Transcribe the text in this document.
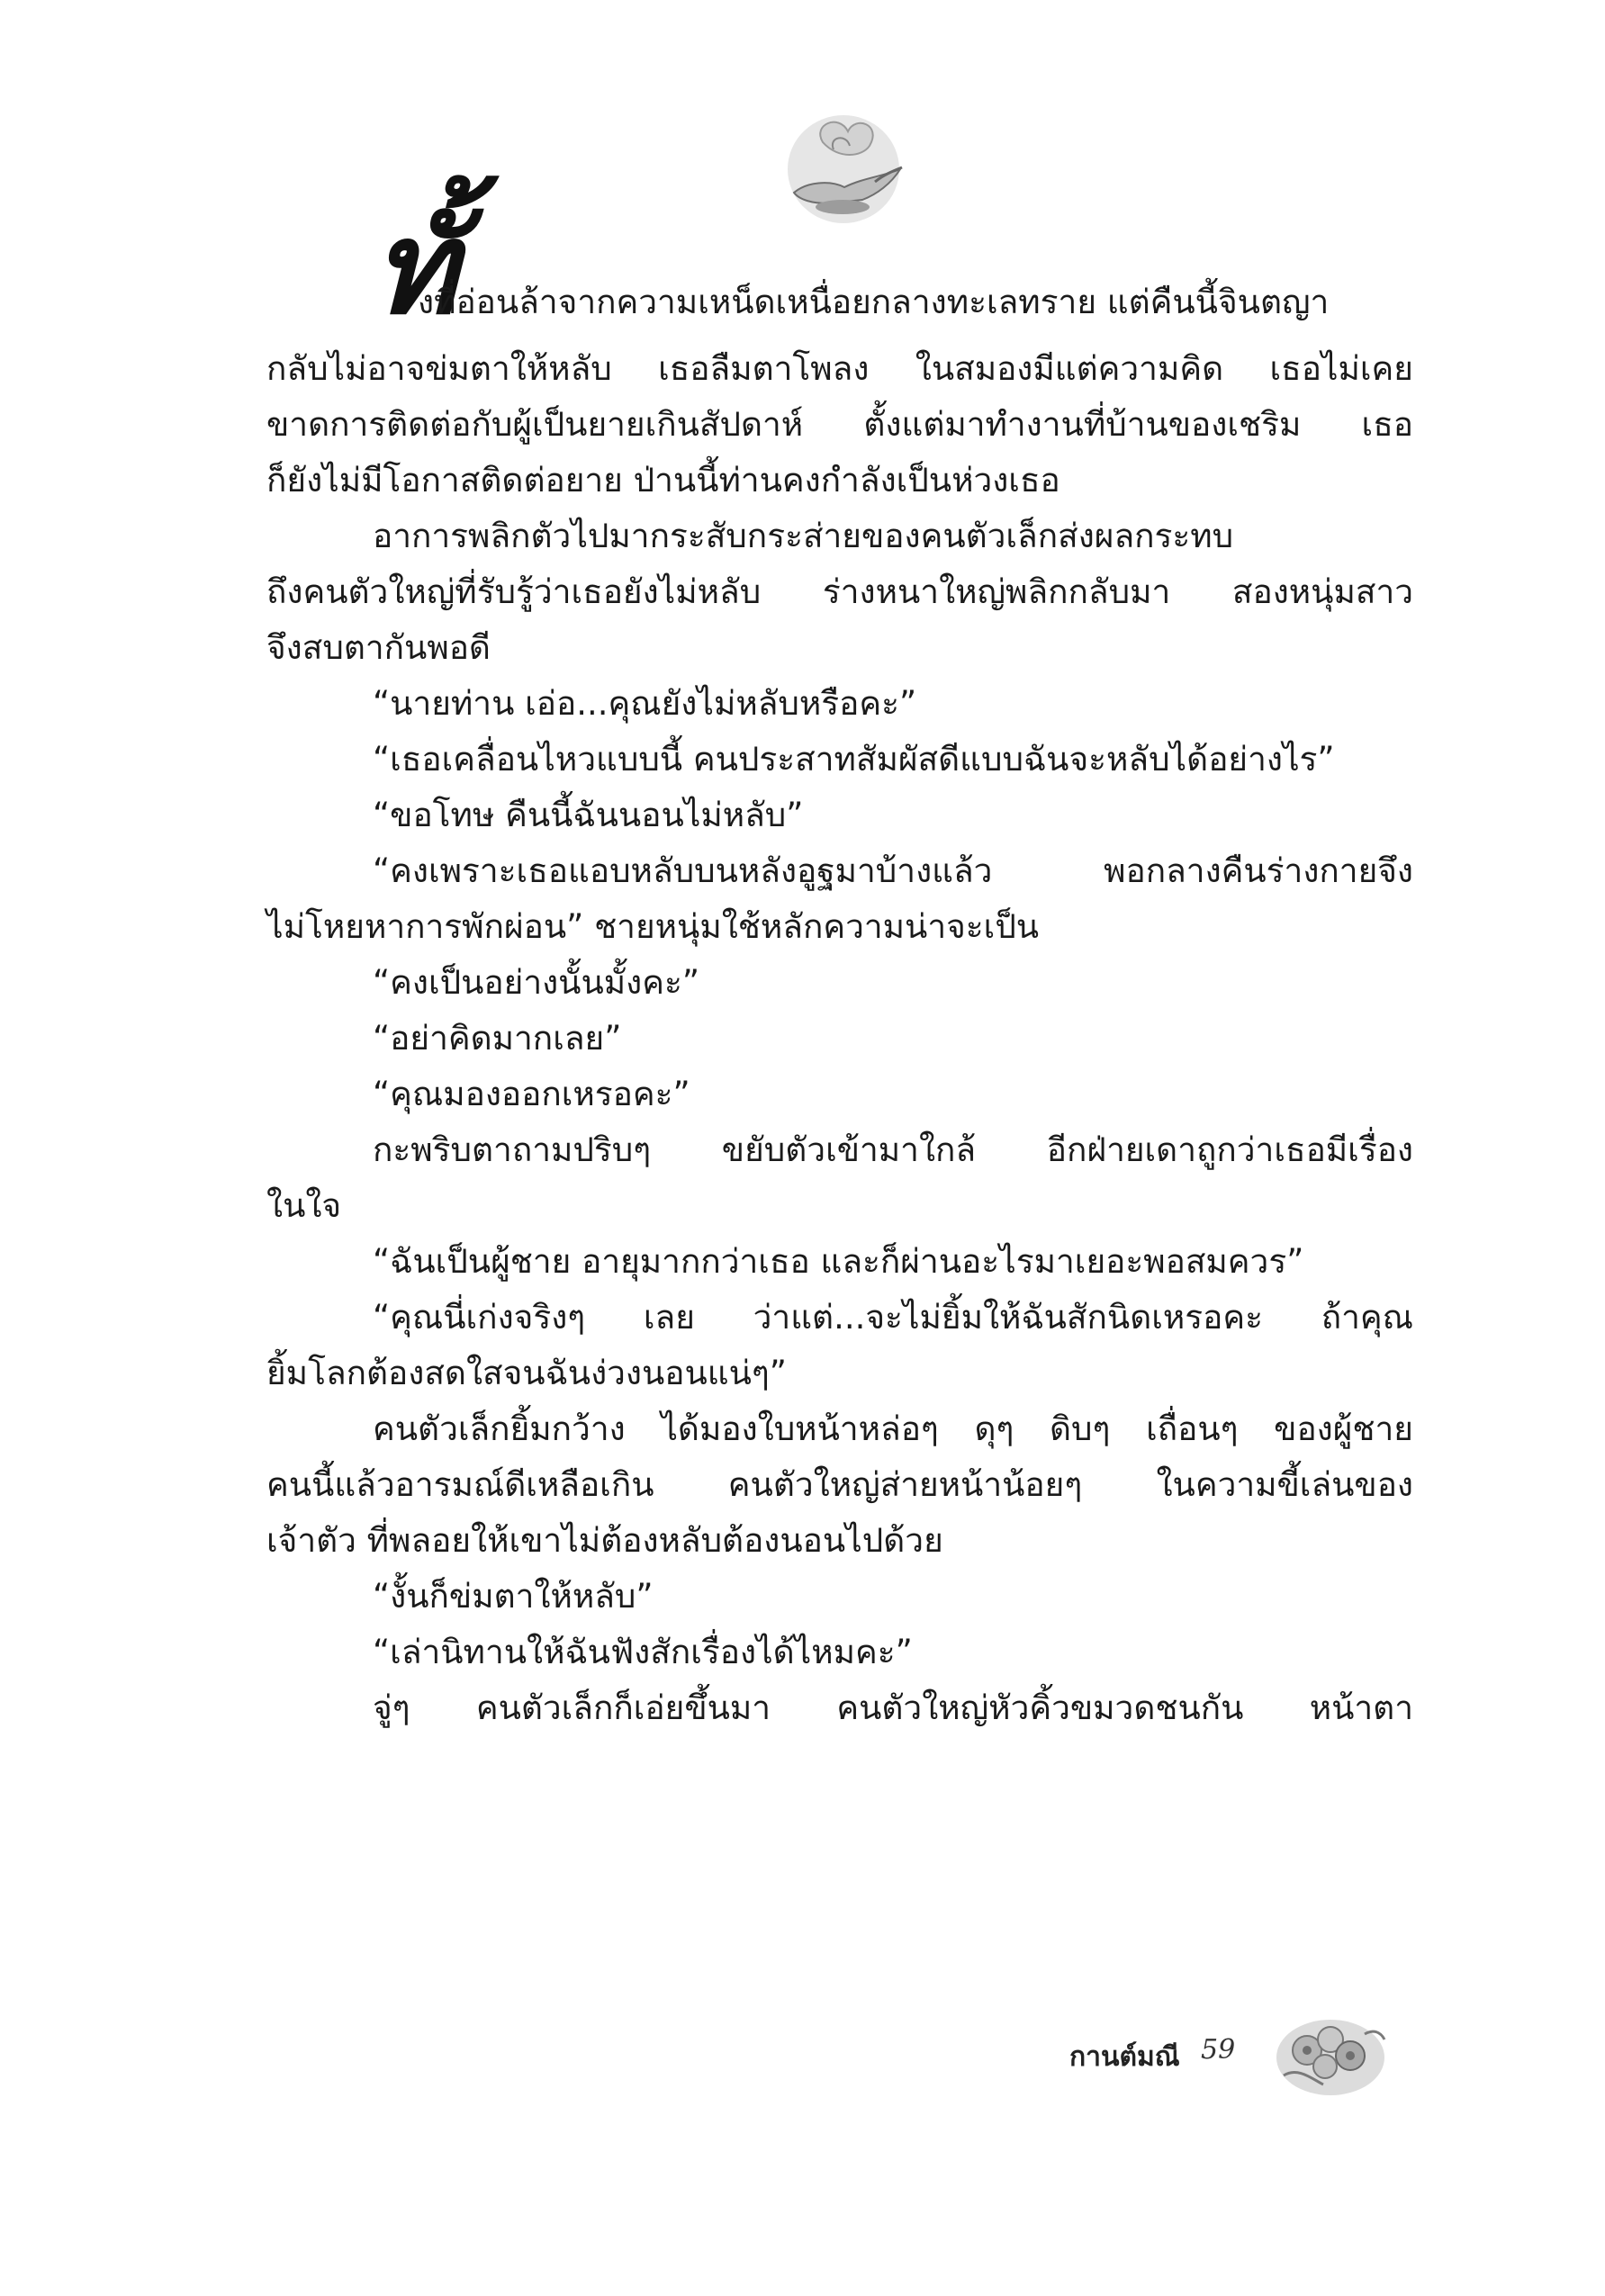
ทั้
งที่อ่อนล้าจากความเหน็ดเหนื่อยกลางทะเลทราย แต่คืนนี้จินตญา
กลับไม่อาจข่มตาให้หลับ เธอลืมตาโพลง ในสมองมีแต่ความคิด เธอไม่เคย
ขาดการติดต่อกับผู้เป็นยายเกินสัปดาห์ ตั้งแต่มาทำงานที่บ้านของเชริม เธอ
ก็ยังไม่มีโอกาสติดต่อยาย ป่านนี้ท่านคงกำลังเป็นห่วงเธอ
อาการพลิกตัวไปมากระสับกระส่ายของคนตัวเล็กส่งผลกระทบ
ถึงคนตัวใหญ่ที่รับรู้ว่าเธอยังไม่หลับ ร่างหนาใหญ่พลิกกลับมา สองหนุ่มสาว
จึงสบตากันพอดี
“นายท่าน เอ่อ...คุณยังไม่หลับหรือคะ”
“เธอเคลื่อนไหวแบบนี้ คนประสาทสัมผัสดีแบบฉันจะหลับได้อย่างไร”
“ขอโทษ คืนนี้ฉันนอนไม่หลับ”
“คงเพราะเธอแอบหลับบนหลังอูฐมาบ้างแล้ว พอกลางคืนร่างกายจึง
ไม่โหยหาการพักผ่อน” ชายหนุ่มใช้หลักความน่าจะเป็น
“คงเป็นอย่างนั้นมั้งคะ”
“อย่าคิดมากเลย”
“คุณมองออกเหรอคะ”
กะพริบตาถามปริบๆ ขยับตัวเข้ามาใกล้ อีกฝ่ายเดาถูกว่าเธอมีเรื่อง
ในใจ
“ฉันเป็นผู้ชาย อายุมากกว่าเธอ และก็ผ่านอะไรมาเยอะพอสมควร”
“คุณนี่เก่งจริงๆ เลย ว่าแต่...จะไม่ยิ้มให้ฉันสักนิดเหรอคะ ถ้าคุณ
ยิ้มโลกต้องสดใสจนฉันง่วงนอนแน่ๆ”
คนตัวเล็กยิ้มกว้าง ได้มองใบหน้าหล่อๆ ดุๆ ดิบๆ เถื่อนๆ ของผู้ชาย
คนนี้แล้วอารมณ์ดีเหลือเกิน คนตัวใหญ่ส่ายหน้าน้อยๆ ในความขี้เล่นของ
เจ้าตัว ที่พลอยให้เขาไม่ต้องหลับต้องนอนไปด้วย
“งั้นก็ข่มตาให้หลับ”
“เล่านิทานให้ฉันฟังสักเรื่องได้ไหมคะ”
จู่ๆ คนตัวเล็กก็เอ่ยขึ้นมา คนตัวใหญ่หัวคิ้วขมวดชนกัน หน้าตา
กานต์มณี 59
